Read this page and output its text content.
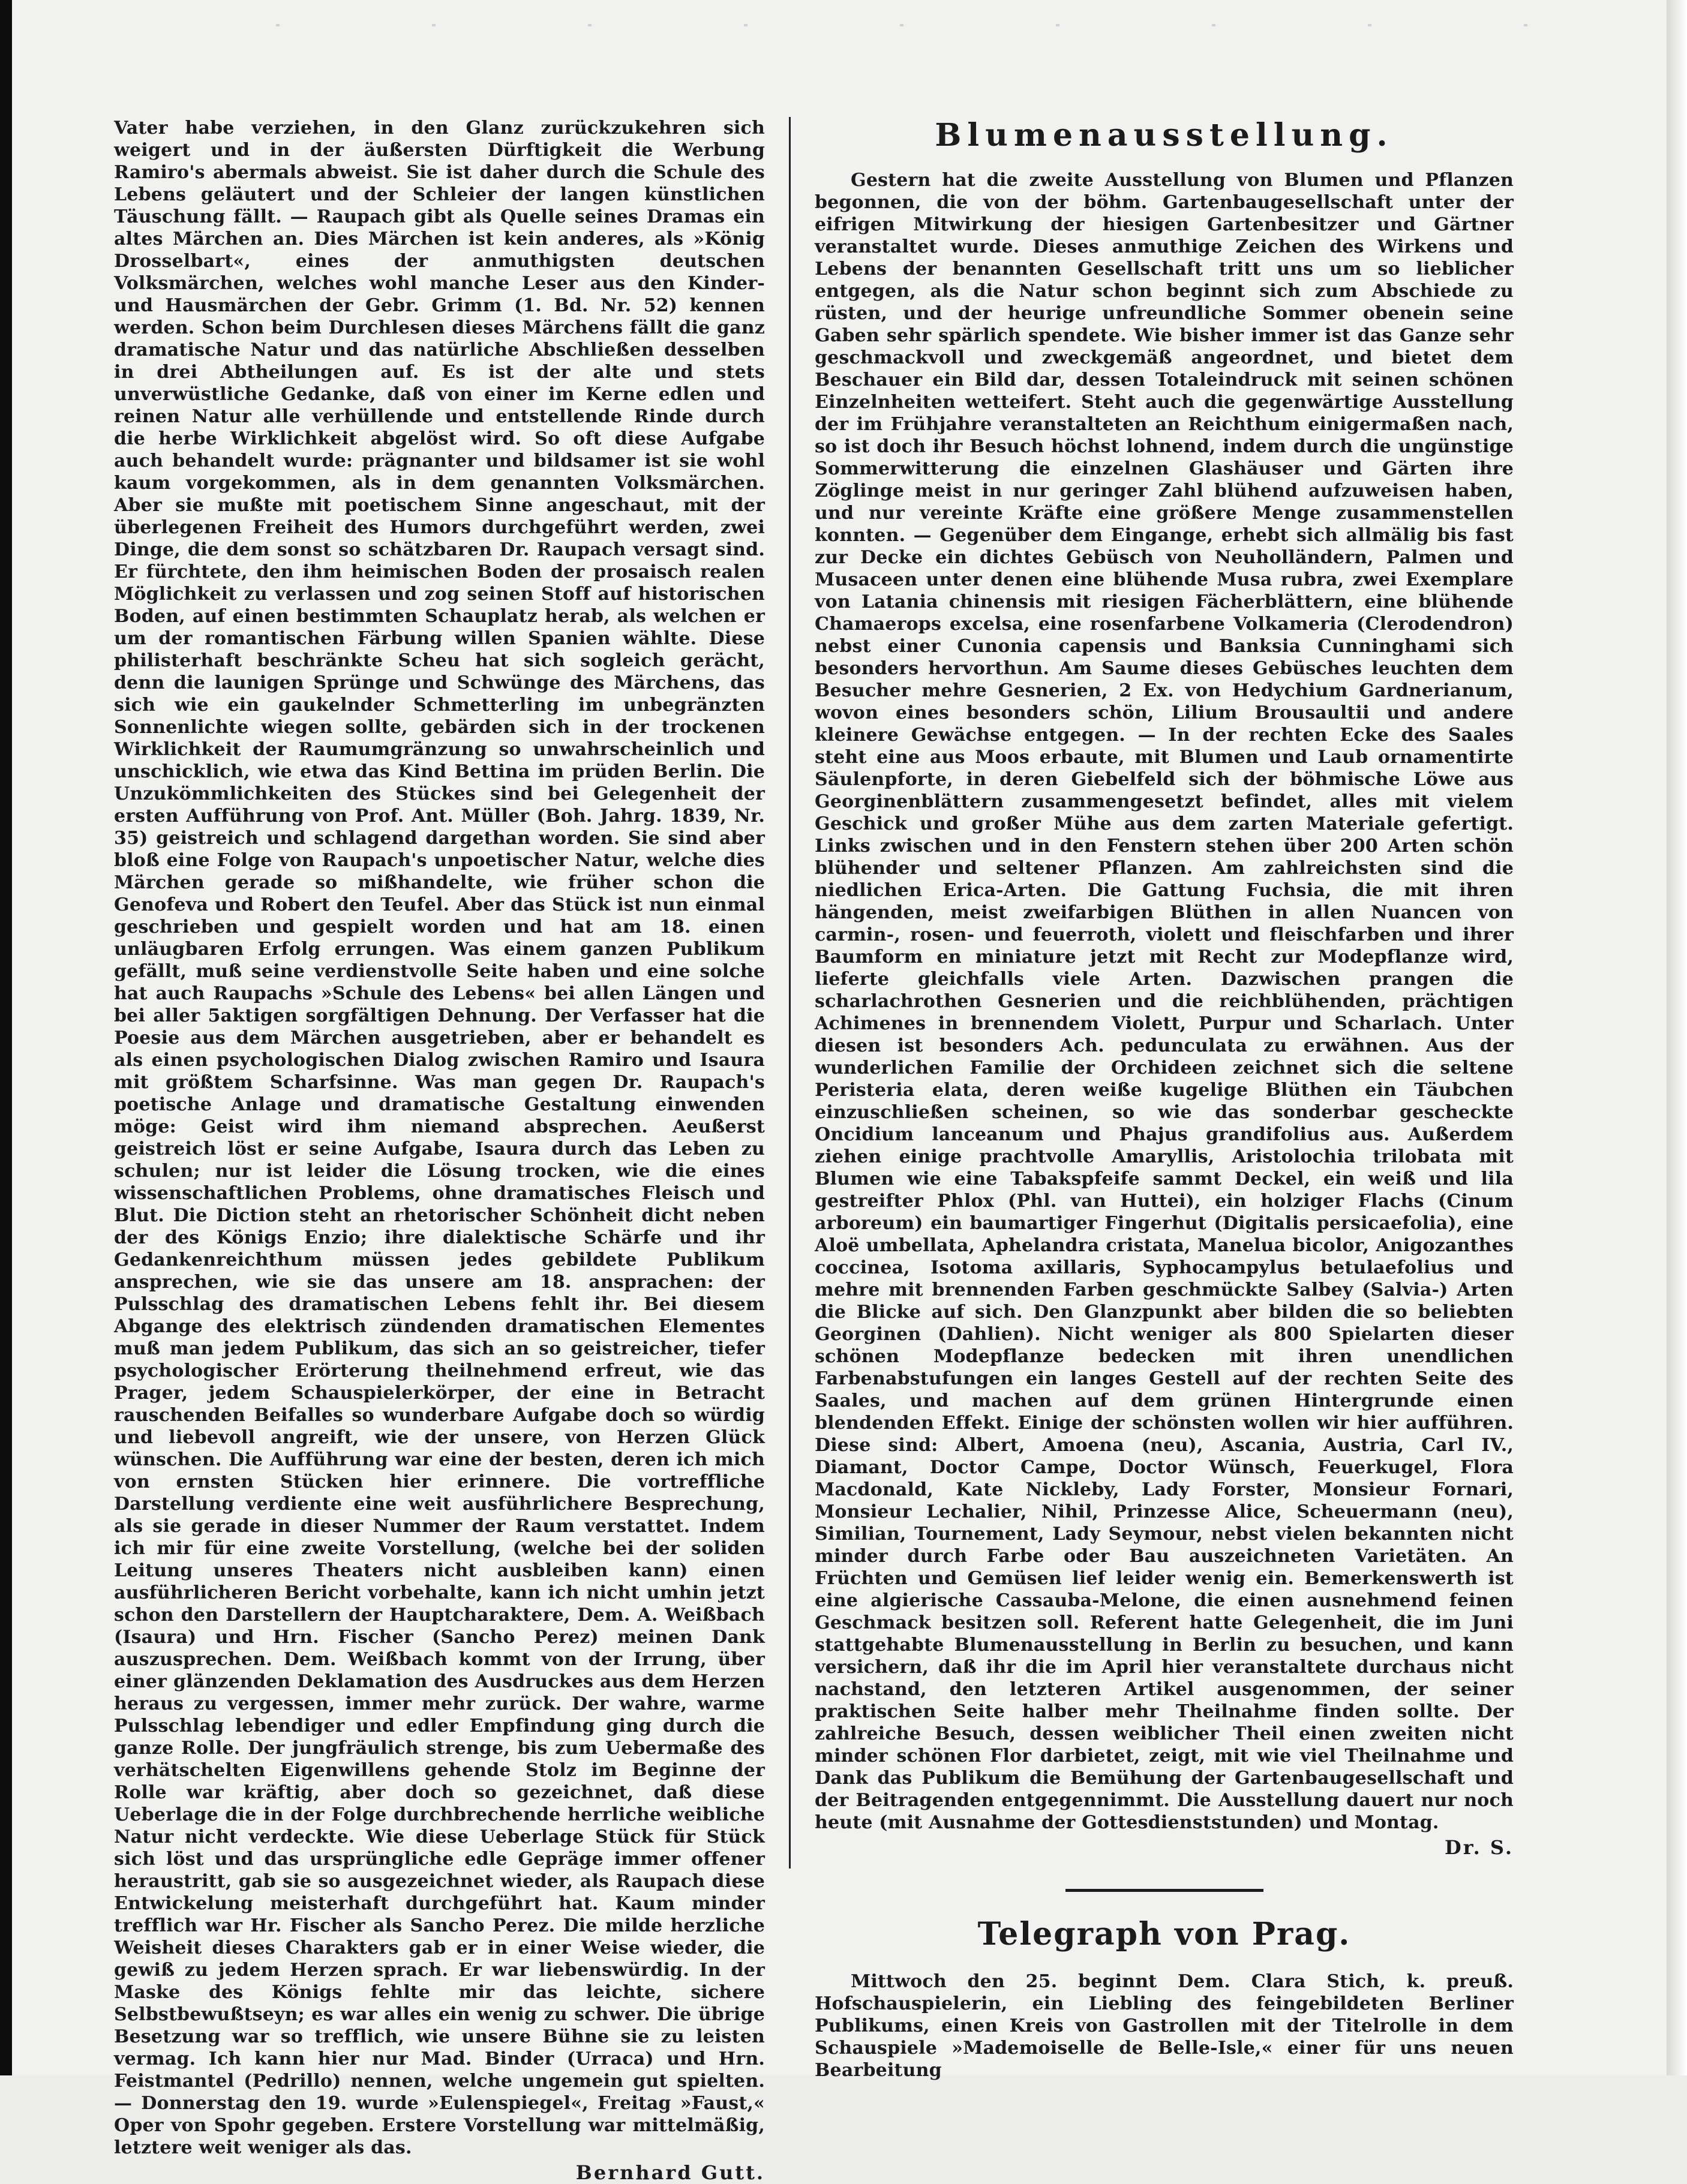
Vater habe verziehen, in den Glanz zurückzukehren sich weigert und in der äußersten Dürftigkeit die Werbung Ramiro's abermals abweist. Sie ist daher durch die Schule des Lebens geläutert und der Schleier der langen künstlichen Täuschung fällt. — Raupach gibt als Quelle seines Dramas ein altes Märchen an. Dies Märchen ist kein anderes, als »König Drosselbart«, eines der anmuthigsten deutschen Volksmärchen, welches wohl manche Leser aus den Kinder- und Hausmärchen der Gebr. Grimm (1. Bd. Nr. 52) kennen werden. Schon beim Durchlesen dieses Märchens fällt die ganz dramatische Natur und das natürliche Abschließen desselben in drei Abtheilungen auf. Es ist der alte und stets unverwüstliche Gedanke, daß von einer im Kerne edlen und reinen Natur alle verhüllende und entstellende Rinde durch die herbe Wirklichkeit abgelöst wird. So oft diese Aufgabe auch behandelt wurde: prägnanter und bildsamer ist sie wohl kaum vorgekommen, als in dem genannten Volksmärchen. Aber sie mußte mit poetischem Sinne angeschaut, mit der überlegenen Freiheit des Humors durchgeführt werden, zwei Dinge, die dem sonst so schätzbaren Dr. Raupach versagt sind. Er fürchtete, den ihm heimischen Boden der prosaisch realen Möglichkeit zu verlassen und zog seinen Stoff auf historischen Boden, auf einen bestimmten Schauplatz herab, als welchen er um der romantischen Färbung willen Spanien wählte. Diese philisterhaft beschränkte Scheu hat sich sogleich gerächt, denn die launigen Sprünge und Schwünge des Märchens, das sich wie ein gaukelnder Schmetterling im unbegränzten Sonnenlichte wiegen sollte, gebärden sich in der trockenen Wirklichkeit der Raumumgränzung so unwahrscheinlich und unschicklich, wie etwa das Kind Bettina im prüden Berlin. Die Unzukömmlichkeiten des Stückes sind bei Gelegenheit der ersten Aufführung von Prof. Ant. Müller (Boh. Jahrg. 1839, Nr. 35) geistreich und schlagend dargethan worden. Sie sind aber bloß eine Folge von Raupach's unpoetischer Natur, welche dies Märchen gerade so mißhandelte, wie früher schon die Genofeva und Robert den Teufel. Aber das Stück ist nun einmal geschrieben und gespielt worden und hat am 18. einen unläugbaren Erfolg errungen. Was einem ganzen Publikum gefällt, muß seine verdienstvolle Seite haben und eine solche hat auch Raupachs »Schule des Lebens« bei allen Längen und bei aller 5aktigen sorgfältigen Dehnung. Der Verfasser hat die Poesie aus dem Märchen ausgetrieben, aber er behandelt es als einen psychologischen Dialog zwischen Ramiro und Isaura mit größtem Scharfsinne. Was man gegen Dr. Raupach's poetische Anlage und dramatische Gestaltung einwenden möge: Geist wird ihm niemand absprechen. Aeußerst geistreich löst er seine Aufgabe, Isaura durch das Leben zu schulen; nur ist leider die Lösung trocken, wie die eines wissenschaftlichen Problems, ohne dramatisches Fleisch und Blut. Die Diction steht an rhetorischer Schönheit dicht neben der des Königs Enzio; ihre dialektische Schärfe und ihr Gedankenreichthum müssen jedes gebildete Publikum ansprechen, wie sie das unsere am 18. ansprachen: der Pulsschlag des dramatischen Lebens fehlt ihr. Bei diesem Abgange des elektrisch zündenden dramatischen Elementes muß man jedem Publikum, das sich an so geistreicher, tiefer psychologischer Erörterung theilnehmend erfreut, wie das Prager, jedem Schauspielerkörper, der eine in Betracht rauschenden Beifalles so wunderbare Aufgabe doch so würdig und liebevoll angreift, wie der unsere, von Herzen Glück wünschen. Die Aufführung war eine der besten, deren ich mich von ernsten Stücken hier erinnere. Die vortreffliche Darstellung verdiente eine weit ausführlichere Besprechung, als sie gerade in dieser Nummer der Raum verstattet. Indem ich mir für eine zweite Vorstellung, (welche bei der soliden Leitung unseres Theaters nicht ausbleiben kann) einen ausführlicheren Bericht vorbehalte, kann ich nicht umhin jetzt schon den Darstellern der Hauptcharaktere, Dem. A. Weißbach (Isaura) und Hrn. Fischer (Sancho Perez) meinen Dank auszusprechen. Dem. Weißbach kommt von der Irrung, über einer glänzenden Deklamation des Ausdruckes aus dem Herzen heraus zu vergessen, immer mehr zurück. Der wahre, warme Pulsschlag lebendiger und edler Empfindung ging durch die ganze Rolle. Der jungfräulich strenge, bis zum Uebermaße des verhätschelten Eigenwillens gehende Stolz im Beginne der Rolle war kräftig, aber doch so gezeichnet, daß diese Ueberlage die in der Folge durchbrechende herrliche weibliche Natur nicht verdeckte. Wie diese Ueberlage Stück für Stück sich löst und das ursprüngliche edle Gepräge immer offener heraustritt, gab sie so ausgezeichnet wieder, als Raupach diese Entwickelung meisterhaft durchgeführt hat. Kaum minder trefflich war Hr. Fischer als Sancho Perez. Die milde herzliche Weisheit dieses Charakters gab er in einer Weise wieder, die gewiß zu jedem Herzen sprach. Er war liebenswürdig. In der Maske des Königs fehlte mir das leichte, sichere Selbstbewußtseyn; es war alles ein wenig zu schwer. Die übrige Besetzung war so trefflich, wie unsere Bühne sie zu leisten vermag. Ich kann hier nur Mad. Binder (Urraca) und Hrn. Feistmantel (Pedrillo) nennen, welche ungemein gut spielten. — Donnerstag den 19. wurde »Eulenspiegel«, Freitag »Faust,« Oper von Spohr gegeben. Erstere Vorstellung war mittelmäßig, letztere weit weniger als das.

Bernhard Gutt.

Blumenausstellung.

Gestern hat die zweite Ausstellung von Blumen und Pflanzen begonnen, die von der böhm. Gartenbaugesellschaft unter der eifrigen Mitwirkung der hiesigen Gartenbesitzer und Gärtner veranstaltet wurde. Dieses anmuthige Zeichen des Wirkens und Lebens der benannten Gesellschaft tritt uns um so lieblicher entgegen, als die Natur schon beginnt sich zum Abschiede zu rüsten, und der heurige unfreundliche Sommer obenein seine Gaben sehr spärlich spendete. Wie bisher immer ist das Ganze sehr geschmackvoll und zweckgemäß angeordnet, und bietet dem Beschauer ein Bild dar, dessen Totaleindruck mit seinen schönen Einzelnheiten wetteifert. Steht auch die gegenwärtige Ausstellung der im Frühjahre veranstalteten an Reichthum einigermaßen nach, so ist doch ihr Besuch höchst lohnend, indem durch die ungünstige Sommerwitterung die einzelnen Glashäuser und Gärten ihre Zöglinge meist in nur geringer Zahl blühend aufzuweisen haben, und nur vereinte Kräfte eine größere Menge zusammenstellen konnten. — Gegenüber dem Eingange, erhebt sich allmälig bis fast zur Decke ein dichtes Gebüsch von Neuholländern, Palmen und Musaceen unter denen eine blühende Musa rubra, zwei Exemplare von Latania chinensis mit riesigen Fächerblättern, eine blühende Chamaerops excelsa, eine rosenfarbene Volkameria (Clerodendron) nebst einer Cunonia capensis und Banksia Cunninghami sich besonders hervorthun. Am Saume dieses Gebüsches leuchten dem Besucher mehre Gesnerien, 2 Ex. von Hedychium Gardnerianum, wovon eines besonders schön, Lilium Brousaultii und andere kleinere Gewächse entgegen. — In der rechten Ecke des Saales steht eine aus Moos erbaute, mit Blumen und Laub ornamentirte Säulenpforte, in deren Giebelfeld sich der böhmische Löwe aus Georginenblättern zusammengesetzt befindet, alles mit vielem Geschick und großer Mühe aus dem zarten Materiale gefertigt. Links zwischen und in den Fenstern stehen über 200 Arten schön blühender und seltener Pflanzen. Am zahlreichsten sind die niedlichen Erica-Arten. Die Gattung Fuchsia, die mit ihren hängenden, meist zweifarbigen Blüthen in allen Nuancen von carmin-, rosen- und feuerroth, violett und fleischfarben und ihrer Baumform en miniature jetzt mit Recht zur Modepflanze wird, lieferte gleichfalls viele Arten. Dazwischen prangen die scharlachrothen Gesnerien und die reichblühenden, prächtigen Achimenes in brennendem Violett, Purpur und Scharlach. Unter diesen ist besonders Ach. pedunculata zu erwähnen. Aus der wunderlichen Familie der Orchideen zeichnet sich die seltene Peristeria elata, deren weiße kugelige Blüthen ein Täubchen einzuschließen scheinen, so wie das sonderbar gescheckte Oncidium lanceanum und Phajus grandifolius aus. Außerdem ziehen einige prachtvolle Amaryllis, Aristolochia trilobata mit Blumen wie eine Tabakspfeife sammt Deckel, ein weiß und lila gestreifter Phlox (Phl. van Huttei), ein holziger Flachs (Cinum arboreum) ein baumartiger Fingerhut (Digitalis persicaefolia), eine Aloë umbellata, Aphelandra cristata, Manelua bicolor, Anigozanthes coccinea, Isotoma axillaris, Syphocampylus betulaefolius und mehre mit brennenden Farben geschmückte Salbey (Salvia-) Arten die Blicke auf sich. Den Glanzpunkt aber bilden die so beliebten Georginen (Dahlien). Nicht weniger als 800 Spielarten dieser schönen Modepflanze bedecken mit ihren unendlichen Farbenabstufungen ein langes Gestell auf der rechten Seite des Saales, und machen auf dem grünen Hintergrunde einen blendenden Effekt. Einige der schönsten wollen wir hier aufführen. Diese sind: Albert, Amoena (neu), Ascania, Austria, Carl IV., Diamant, Doctor Campe, Doctor Wünsch, Feuerkugel, Flora Macdonald, Kate Nickleby, Lady Forster, Monsieur Fornari, Monsieur Lechalier, Nihil, Prinzesse Alice, Scheuermann (neu), Similian, Tournement, Lady Seymour, nebst vielen bekannten nicht minder durch Farbe oder Bau auszeichneten Varietäten. An Früchten und Gemüsen lief leider wenig ein. Bemerkenswerth ist eine algierische Cassauba-Melone, die einen ausnehmend feinen Geschmack besitzen soll. Referent hatte Gelegenheit, die im Juni stattgehabte Blumenausstellung in Berlin zu besuchen, und kann versichern, daß ihr die im April hier veranstaltete durchaus nicht nachstand, den letzteren Artikel ausgenommen, der seiner praktischen Seite halber mehr Theilnahme finden sollte. Der zahlreiche Besuch, dessen weiblicher Theil einen zweiten nicht minder schönen Flor darbietet, zeigt, mit wie viel Theilnahme und Dank das Publikum die Bemühung der Gartenbaugesellschaft und der Beitragenden entgegennimmt. Die Ausstellung dauert nur noch heute (mit Ausnahme der Gottesdienststunden) und Montag.

Dr. S.

Telegraph von Prag.

Mittwoch den 25. beginnt Dem. Clara Stich, k. preuß. Hofschauspielerin, ein Liebling des feingebildeten Berliner Publikums, einen Kreis von Gastrollen mit der Titelrolle in dem Schauspiele »Mademoiselle de Belle-Isle,« einer für uns neuen Bearbeitung
